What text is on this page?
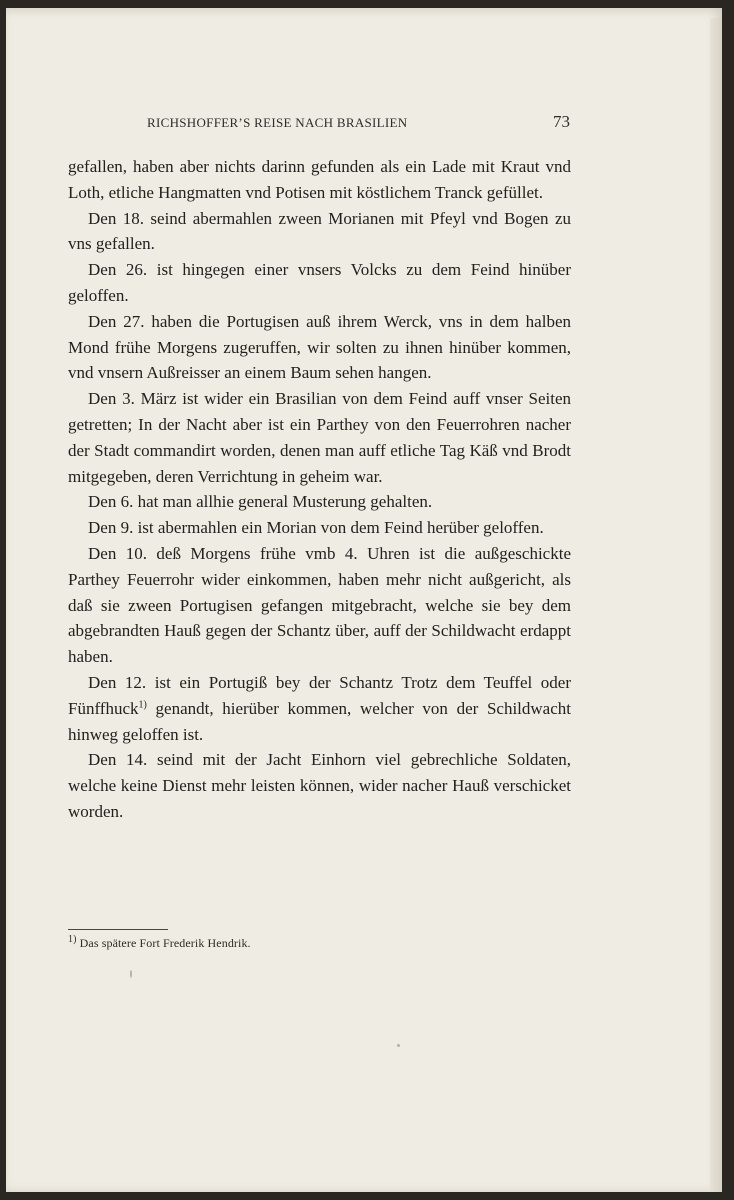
RICHSHOFFER’S REISE NACH BRASILIEN	73

gefallen, haben aber nichts darinn gefunden als ein Lade mit Kraut vnd Loth, etliche Hangmatten vnd Potisen mit köstlichem Tranck gefüllet.

Den 18. seind abermahlen zween Morianen mit Pfeyl vnd Bogen zu vns gefallen.

Den 26. ist hingegen einer vnsers Volcks zu dem Feind hinüber geloffen.

Den 27. haben die Portugisen auß ihrem Werck, vns in dem halben Mond frühe Morgens zugeruffen, wir solten zu ihnen hinüber kommen, vnd vnsern Außreisser an einem Baum sehen hangen.

Den 3. März ist wider ein Brasilian von dem Feind auff vnser Seiten getretten; In der Nacht aber ist ein Parthey von den Feuerrohren nacher der Stadt commandirt worden, denen man auff etliche Tag Käß vnd Brodt mitgegeben, deren Verrichtung in geheim war.

Den 6. hat man allhie general Musterung gehalten.

Den 9. ist abermahlen ein Morian von dem Feind herüber geloffen.

Den 10. deß Morgens frühe vmb 4. Uhren ist die außgeschickte Parthey Feuerrohr wider einkommen, haben mehr nicht außgericht, als daß sie zween Portugisen gefangen mitgebracht, welche sie bey dem abgebrandten Hauß gegen der Schantz über, auff der Schildwacht erdappt haben.

Den 12. ist ein Portugiß bey der Schantz Trotz dem Teuffel oder Fünffhuck$^{1)}$ genandt, hierüber kommen, welcher von der Schildwacht hinweg geloffen ist.

Den 14. seind mit der Jacht Einhorn viel gebrechliche Soldaten, welche keine Dienst mehr leisten können, wider nacher Hauß verschicket worden.

$^{1)}$ Das spätere Fort Frederik Hendrik.
